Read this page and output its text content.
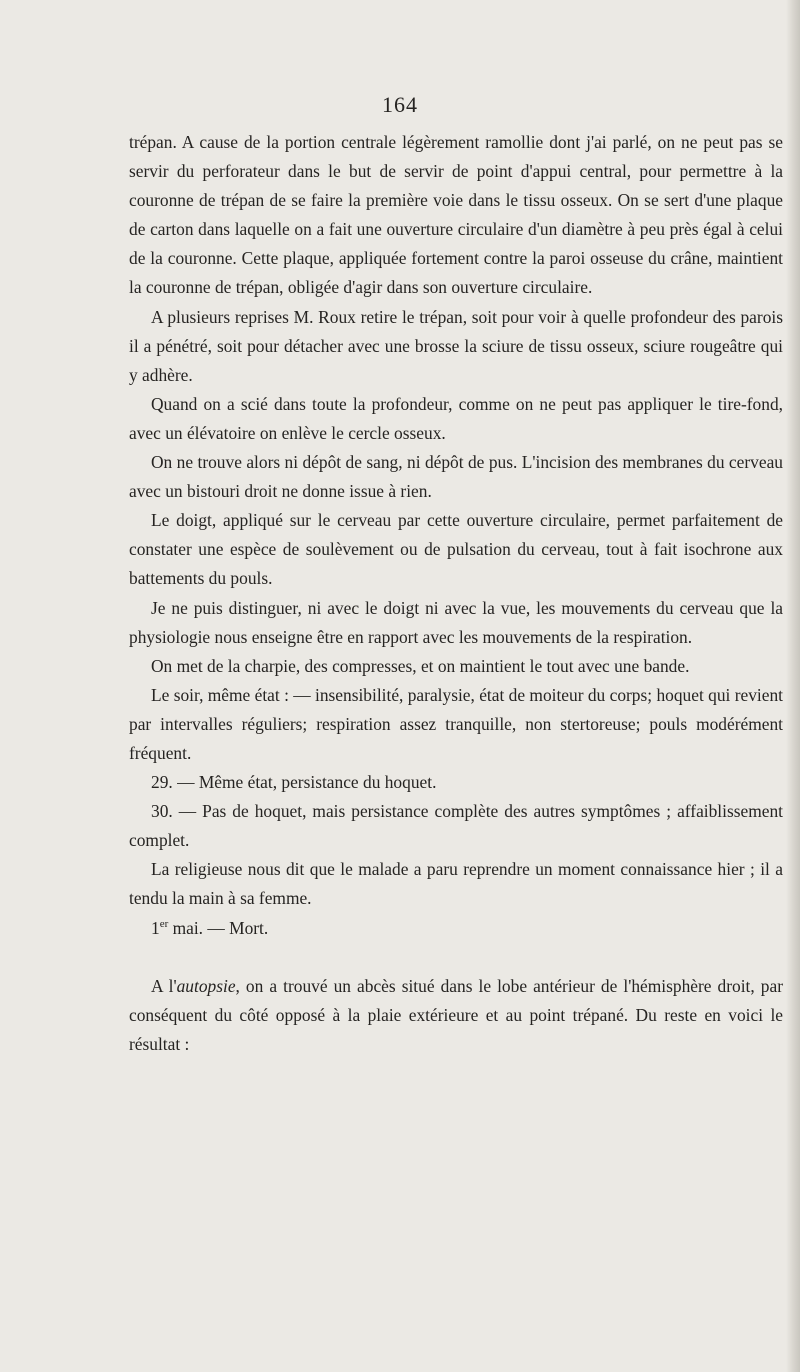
164

trépan. A cause de la portion centrale légèrement ramollie dont j'ai parlé, on ne peut pas se servir du perforateur dans le but de servir de point d'appui central, pour permettre à la couronne de trépan de se faire la première voie dans le tissu osseux. On se sert d'une plaque de carton dans laquelle on a fait une ouverture circulaire d'un diamètre à peu près égal à celui de la couronne. Cette plaque, appliquée fortement contre la paroi osseuse du crâne, maintient la couronne de trépan, obligée d'agir dans son ouverture circulaire.

A plusieurs reprises M. Roux retire le trépan, soit pour voir à quelle profondeur des parois il a pénétré, soit pour détacher avec une brosse la sciure de tissu osseux, sciure rougeâtre qui y adhère.

Quand on a scié dans toute la profondeur, comme on ne peut pas appliquer le tire-fond, avec un élévatoire on enlève le cercle osseux.

On ne trouve alors ni dépôt de sang, ni dépôt de pus. L'incision des membranes du cerveau avec un bistouri droit ne donne issue à rien.

Le doigt, appliqué sur le cerveau par cette ouverture circulaire, permet parfaitement de constater une espèce de soulèvement ou de pulsation du cerveau, tout à fait isochrone aux battements du pouls.

Je ne puis distinguer, ni avec le doigt ni avec la vue, les mouvements du cerveau que la physiologie nous enseigne être en rapport avec les mouvements de la respiration.

On met de la charpie, des compresses, et on maintient le tout avec une bande.

Le soir, même état : — insensibilité, paralysie, état de moiteur du corps; hoquet qui revient par intervalles réguliers; respiration assez tranquille, non stertoreuse; pouls modérément fréquent.

29. — Même état, persistance du hoquet.

30. — Pas de hoquet, mais persistance complète des autres symptômes ; affaiblissement complet.

La religieuse nous dit que le malade a paru reprendre un moment connaissance hier ; il a tendu la main à sa femme.

1er mai. — Mort.

A l'autopsie, on a trouvé un abcès situé dans le lobe antérieur de l'hémisphère droit, par conséquent du côté opposé à la plaie extérieure et au point trépané. Du reste en voici le résultat :
